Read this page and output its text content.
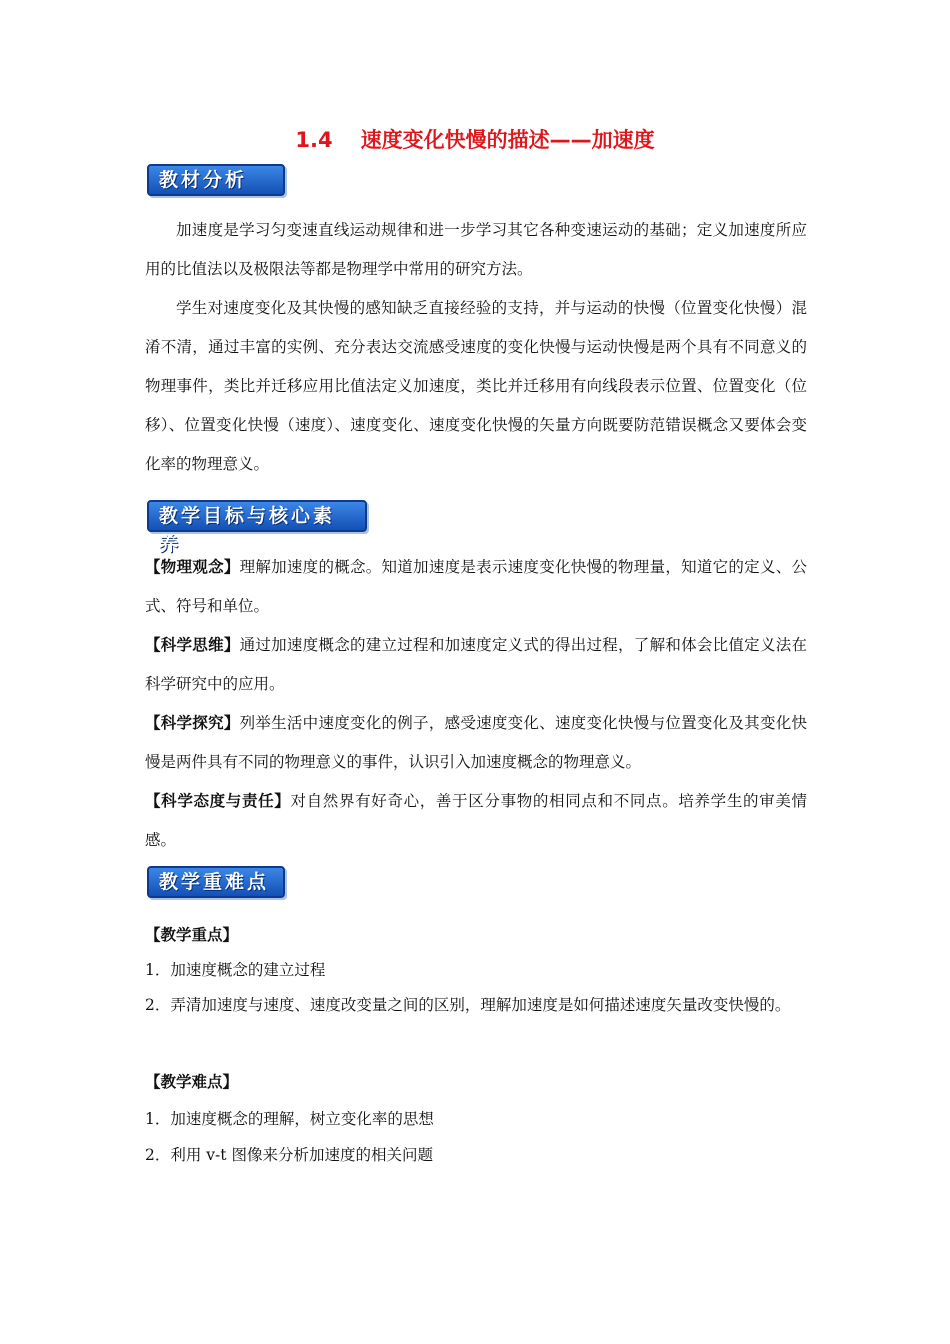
1.4 速度变化快慢的描述——加速度
教材分析

加速度是学习匀变速直线运动规律和进一步学习其它各种变速运动的基础；定义加速度所应用的比值法以及极限法等都是物理学中常用的研究方法。

学生对速度变化及其快慢的感知缺乏直接经验的支持，并与运动的快慢（位置变化快慢）混淆不清，通过丰富的实例、充分表达交流感受速度的变化快慢与运动快慢是两个具有不同意义的物理事件，类比并迁移应用比值法定义加速度，类比并迁移用有向线段表示位置、位置变化（位移）、位置变化快慢（速度）、速度变化、速度变化快慢的矢量方向既要防范错误概念又要体会变化率的物理意义。

教学目标与核心素养

【物理观念】理解加速度的概念。知道加速度是表示速度变化快慢的物理量，知道它的定义、公式、符号和单位。

【科学思维】通过加速度概念的建立过程和加速度定义式的得出过程，了解和体会比值定义法在科学研究中的应用。

【科学探究】列举生活中速度变化的例子，感受速度变化、速度变化快慢与位置变化及其变化快慢是两件具有不同的物理意义的事件，认识引入加速度概念的物理意义。

【科学态度与责任】对自然界有好奇心，善于区分事物的相同点和不同点。培养学生的审美情感。

教学重难点

【教学重点】

1．加速度概念的建立过程

2．弄清加速度与速度、速度改变量之间的区别，理解加速度是如何描述速度矢量改变快慢的。

【教学难点】

1．加速度概念的理解，树立变化率的思想

2．利用 v-t 图像来分析加速度的相关问题
